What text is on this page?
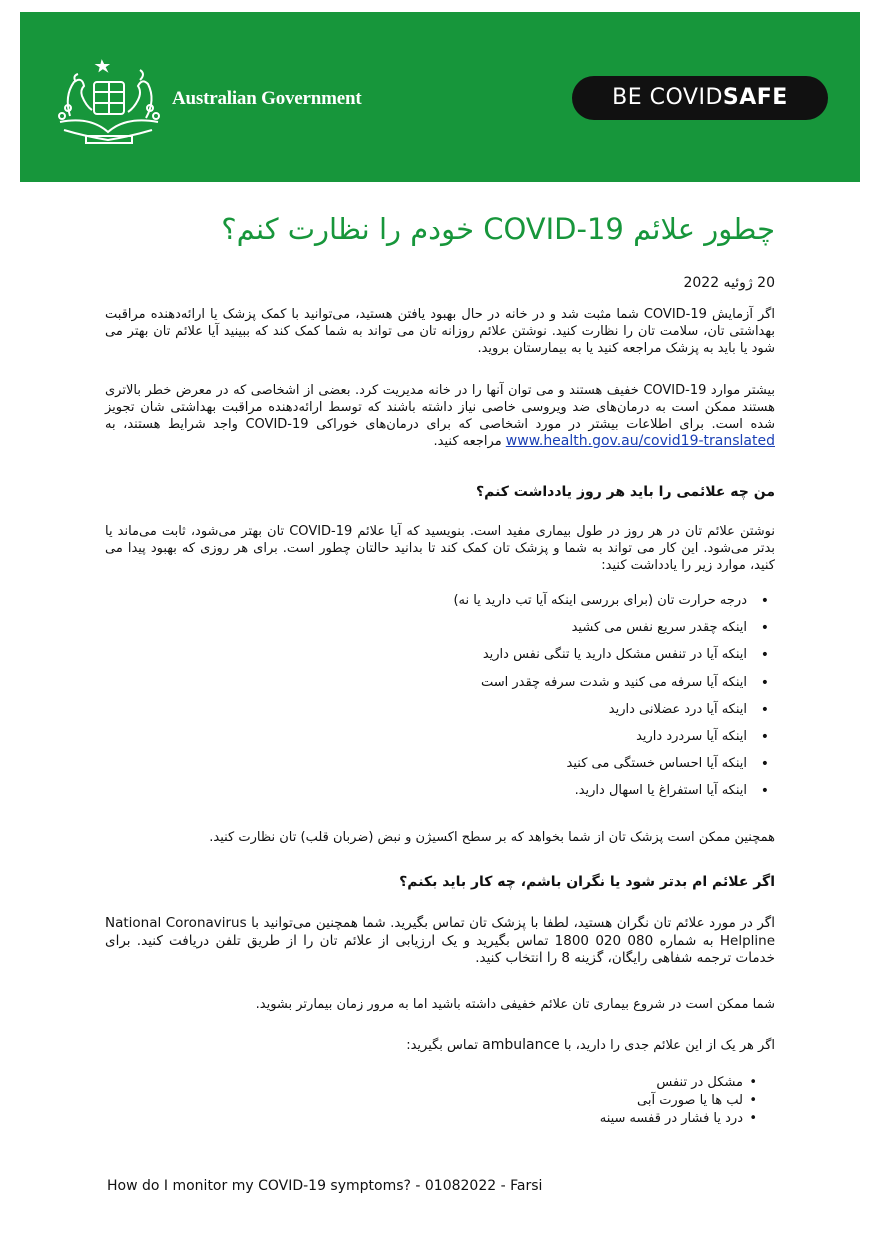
Australian Government	BE COVIDSAFE
چطور علائم COVID-19 خودم را نظارت کنم؟
20 ژوئیه 2022
اگر آزمایش COVID-19 شما مثبت شد و در خانه در حال بهبود یافتن هستید، می‌توانید با کمک پزشک یا ارائه‌دهنده مراقبت بهداشتی تان، سلامت تان را نظارت کنید. نوشتن علائم روزانه تان می تواند به شما کمک کند که ببینید آیا علائم تان بهتر می شود یا باید به پزشک مراجعه کنید یا به بیمارستان بروید.
بیشتر موارد COVID-19 خفیف هستند و می توان آنها را در خانه مدیریت کرد. بعضی از اشخاصی که در معرض خطر بالاتری هستند ممکن است به درمان‌های ضد ویروسی خاصی نیاز داشته باشند که توسط ارائه‌دهنده مراقبت بهداشتی شان تجویز شده است. برای اطلاعات بیشتر در مورد اشخاصی که برای درمان‌های خوراکی COVID-19 واجد شرایط هستند، به www.health.gov.au/covid19-translated مراجعه کنید.
من چه علائمی را باید هر روز یادداشت کنم؟
نوشتن علائم تان در هر روز در طول بیماری مفید است. بنویسید که آیا علائم COVID-19 تان بهتر می‌شود، ثابت می‌ماند یا بدتر می‌شود. این کار می تواند به شما و پزشک تان کمک کند تا بدانید حالتان چطور است. برای هر روزی که بهبود پیدا می کنید، موارد زیر را یادداشت کنید:
• درجه حرارت تان (برای بررسی اینکه آیا تب دارید یا نه)
• اینکه چقدر سریع نفس می کشید
• اینکه آیا در تنفس مشکل دارید یا تنگی نفس دارید
• اینکه آیا سرفه می کنید و شدت سرفه چقدر است
• اینکه آیا درد عضلانی دارید
• اینکه آیا سردرد دارید
• اینکه آیا احساس خستگی می کنید
• اینکه آیا استفراغ یا اسهال دارید.
همچنین ممکن است پزشک تان از شما بخواهد که بر سطح اکسیژن و نبض (ضربان قلب) تان نظارت کنید.
اگر علائم ام بدتر شود یا نگران باشم، چه کار باید بکنم؟
اگر در مورد علائم تان نگران هستید، لطفا با پزشک تان تماس بگیرید. شما همچنین می‌توانید با National Coronavirus Helpline به شماره 080 020 1800 تماس بگیرید و یک ارزیابی از علائم تان را از طریق تلفن دریافت کنید. برای خدمات ترجمه شفاهی رایگان، گزینه 8 را انتخاب کنید.
شما ممکن است در شروع بیماری تان علائم خفیفی داشته باشید اما به مرور زمان بیمارتر بشوید.
اگر هر یک از این علائم جدی را دارید، با ambulance تماس بگیرید:
• مشکل در تنفس
• لب ها یا صورت آبی
• درد یا فشار در قفسه سینه
How do I monitor my COVID-19 symptoms? - 01082022 - Farsi
